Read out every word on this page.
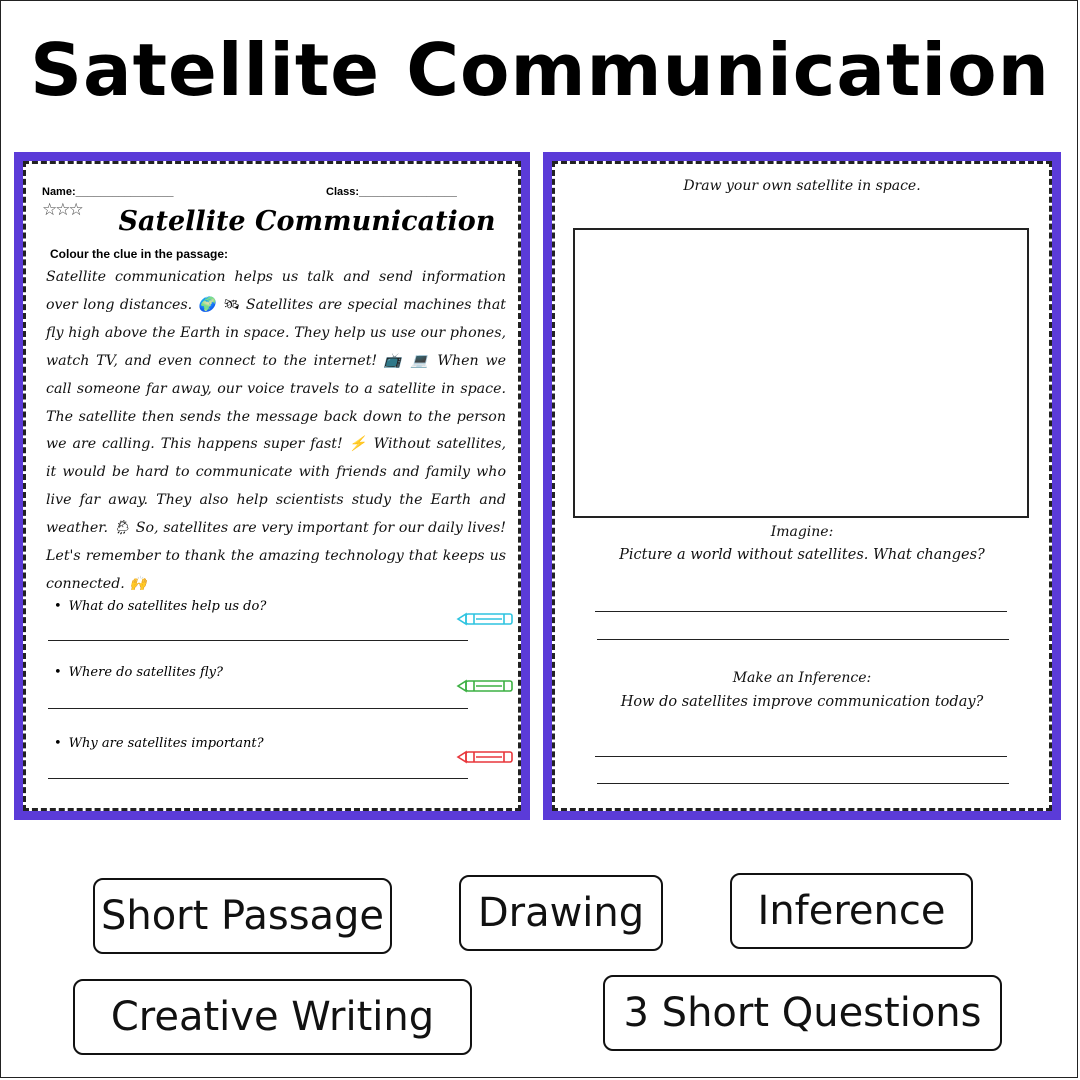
Satellite Communication
Name:________________	Class:________________
☆☆☆	Satellite Communication
Colour the clue in the passage:
Satellite communication helps us talk and send information over long distances. 🌍 🛰 Satellites are special machines that fly high above the Earth in space. They help us use our phones, watch TV, and even connect to the internet! 📺 💻 When we call someone far away, our voice travels to a satellite in space. The satellite then sends the message back down to the person we are calling. This happens super fast! ⚡ Without satellites, it would be hard to communicate with friends and family who live far away. They also help scientists study the Earth and weather. 🌦 So, satellites are very important for our daily lives! Let's remember to thank the amazing technology that keeps us connected. 🙌
• What do satellites help us do?
• Where do satellites fly?
• Why are satellites important?
Draw your own satellite in space.
Imagine:
Picture a world without satellites. What changes?
Make an Inference:
How do satellites improve communication today?
Short Passage	Drawing	Inference
Creative Writing	3 Short Questions
